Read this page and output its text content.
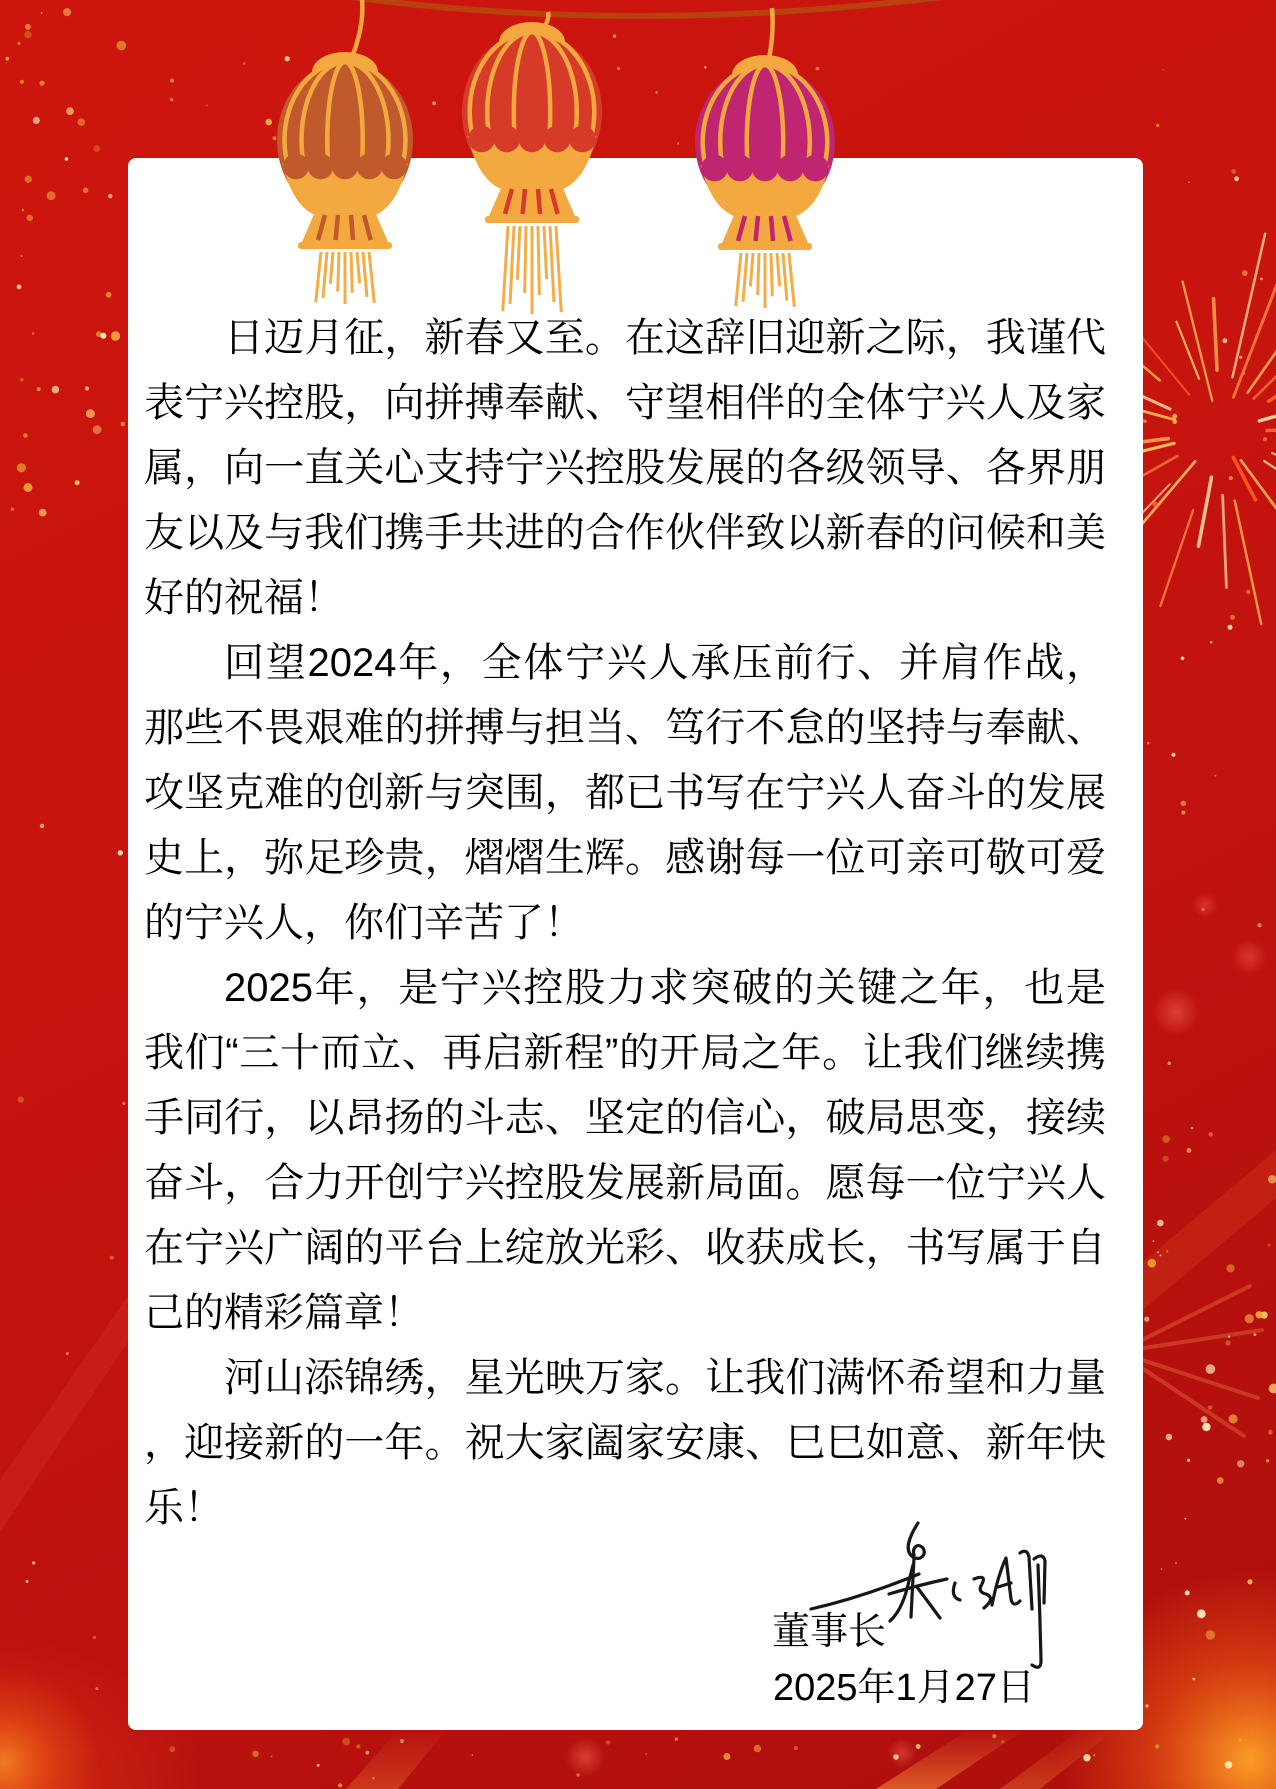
日迈月征，新春又至。在这辞旧迎新之际，我谨代表宁兴控股，向拼搏奉献、守望相伴的全体宁兴人及家属，向一直关心支持宁兴控股发展的各级领导、各界朋友以及与我们携手共进的合作伙伴致以新春的问候和美好的祝福！

回望2024年，全体宁兴人承压前行、并肩作战，那些不畏艰难的拼搏与担当、笃行不怠的坚持与奉献、攻坚克难的创新与突围，都已书写在宁兴人奋斗的发展史上，弥足珍贵，熠熠生辉。感谢每一位可亲可敬可爱的宁兴人，你们辛苦了！

2025年，是宁兴控股力求突破的关键之年，也是我们“三十而立、再启新程”的开局之年。让我们继续携手同行，以昂扬的斗志、坚定的信心，破局思变，接续奋斗，合力开创宁兴控股发展新局面。愿每一位宁兴人在宁兴广阔的平台上绽放光彩、收获成长，书写属于自己的精彩篇章！

河山添锦绣，星光映万家。让我们满怀希望和力量，迎接新的一年。祝大家阖家安康、巳巳如意、新年快乐！

董事长
2025年1月27日
